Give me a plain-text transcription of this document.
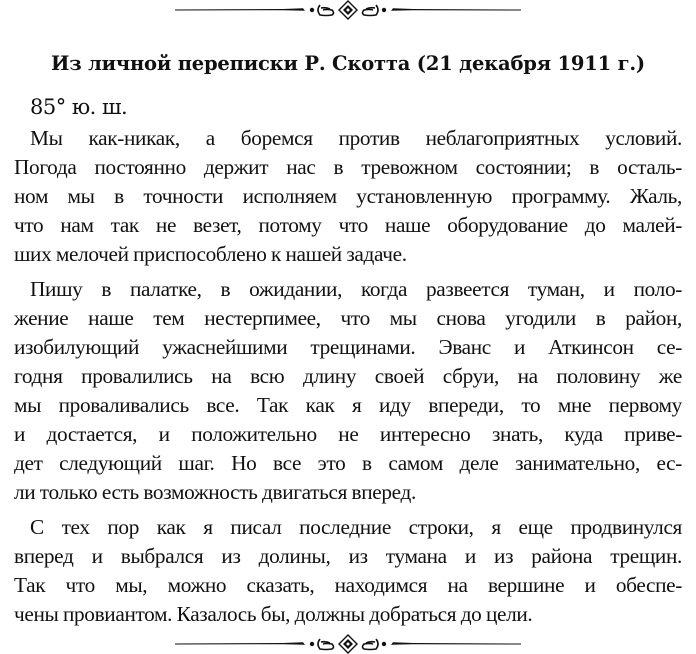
Из личной переписки Р. Скотта (21 декабря 1911 г.)
85° ю. ш.

Мы как-никак, а боремся против неблагоприятных условий.
Погода постоянно держит нас в тревожном состоянии; в осталь-
ном мы в точности исполняем установленную программу. Жаль,
что нам так не везет, потому что наше оборудование до малей-
ших мелочей приспособлено к нашей задаче.

Пишу в палатке, в ожидании, когда развеется туман, и поло-
жение наше тем нестерпимее, что мы снова угодили в район,
изобилующий ужаснейшими трещинами. Эванс и Аткинсон се-
годня провалились на всю длину своей сбруи, на половину же
мы проваливались все. Так как я иду впереди, то мне первому
и достается, и положительно не интересно знать, куда приве-
дет следующий шаг. Но все это в самом деле занимательно, ес-
ли только есть возможность двигаться вперед.

С тех пор как я писал последние строки, я еще продвинулся
вперед и выбрался из долины, из тумана и из района трещин.
Так что мы, можно сказать, находимся на вершине и обеспе-
чены провиантом. Казалось бы, должны добраться до цели.
